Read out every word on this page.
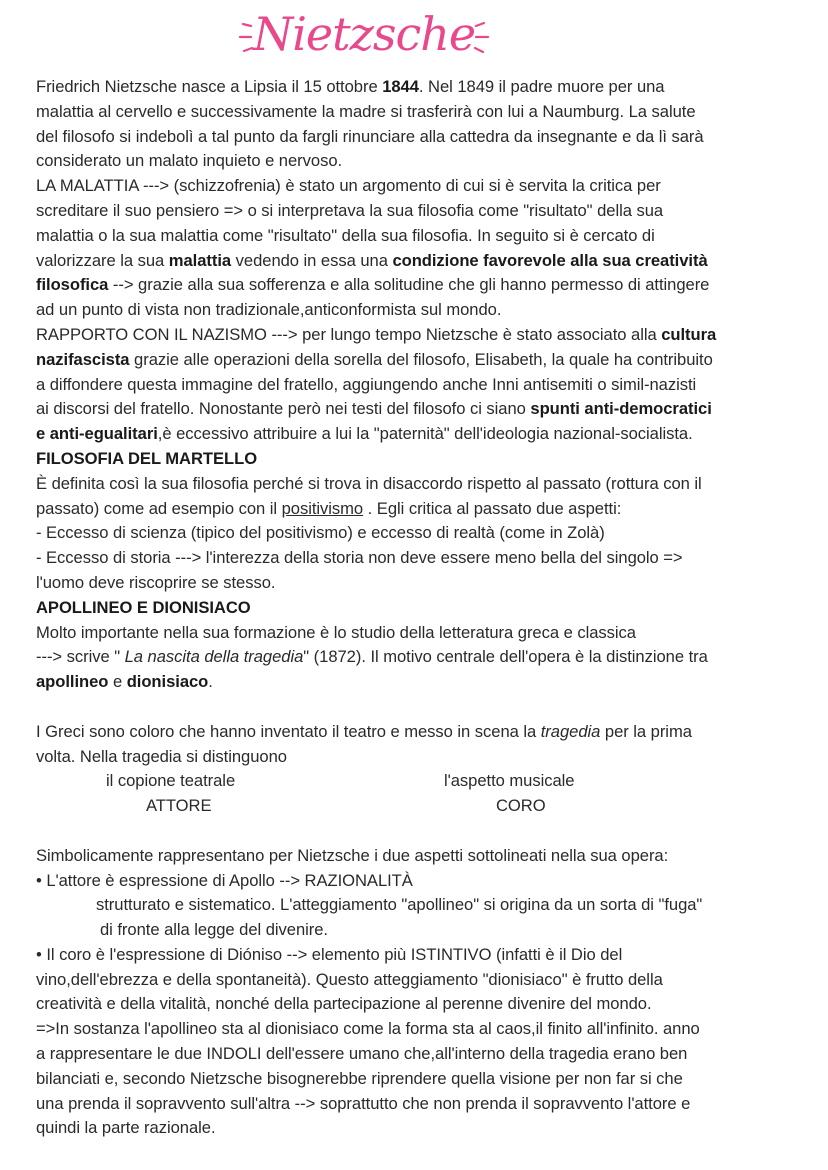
Nietzsche
Friedrich Nietzsche nasce a Lipsia il 15 ottobre 1844. Nel 1849 il padre muore per una
malattia al cervello e successivamente la madre si trasferirà con lui a Naumburg. La salute
del filosofo si indebolì a tal punto da fargli rinunciare alla cattedra da insegnante e da lì sarà
considerato un malato inquieto e nervoso.
LA MALATTIA ---> (schizzofrenia) è stato un argomento di cui si è servita la critica per
screditare il suo pensiero => o si interpretava la sua filosofia come "risultato" della sua
malattia o la sua malattia come "risultato" della sua filosofia. In seguito si è cercato di
valorizzare la sua malattia vedendo in essa una condizione favorevole alla sua creatività
filosofica --> grazie alla sua sofferenza e alla solitudine che gli hanno permesso di attingere
ad un punto di vista non tradizionale,anticonformista sul mondo.
RAPPORTO CON IL NAZISMO ---> per lungo tempo Nietzsche è stato associato alla cultura
nazifascista grazie alle operazioni della sorella del filosofo, Elisabeth, la quale ha contribuito
a diffondere questa immagine del fratello, aggiungendo anche Inni antisemiti o simil-nazisti
ai discorsi del fratello. Nonostante però nei testi del filosofo ci siano spunti anti-democratici
e anti-egualitari,è eccessivo attribuire a lui la "paternità" dell'ideologia nazional-socialista.
FILOSOFIA DEL MARTELLO
È definita così la sua filosofia perché si trova in disaccordo rispetto al passato (rottura con il
passato) come ad esempio con il positivismo . Egli critica al passato due aspetti:
- Eccesso di scienza (tipico del positivismo) e eccesso di realtà (come in Zolà)
- Eccesso di storia ---> l'interezza della storia non deve essere meno bella del singolo =>
l'uomo deve riscoprire se stesso.
APOLLINEO E DIONISIACO
Molto importante nella sua formazione è lo studio della letteratura greca e classica
---> scrive " La nascita della tragedia" (1872). Il motivo centrale dell'opera è la distinzione tra
apollineo e dionisiaco.
I Greci sono coloro che hanno inventato il teatro e messo in scena la tragedia per la prima
volta. Nella tragedia si distinguono
il copione teatrale	l'aspetto musicale
ATTORE	CORO
Simbolicamente rappresentano per Nietzsche i due aspetti sottolineati nella sua opera:
• L'attore è espressione di Apollo --> RAZIONALITÀ
strutturato e sistematico. L'atteggiamento "apollineo" si origina da un sorta di "fuga"
di fronte alla legge del divenire.
• Il coro è l'espressione di Dióniso --> elemento più ISTINTIVO (infatti è il Dio del
vino,dell'ebrezza e della spontaneità). Questo atteggiamento "dionisiaco" è frutto della
creatività e della vitalità, nonché della partecipazione al perenne divenire del mondo.
=>In sostanza l'apollineo sta al dionisiaco come la forma sta al caos,il finito all'infinito. anno
a rappresentare le due INDOLI dell'essere umano che,all'interno della tragedia erano ben
bilanciati e, secondo Nietzsche bisognerebbe riprendere quella visione per non far si che
una prenda il sopravvento sull'altra --> soprattutto che non prenda il sopravvento l'attore e
quindi la parte razionale.
